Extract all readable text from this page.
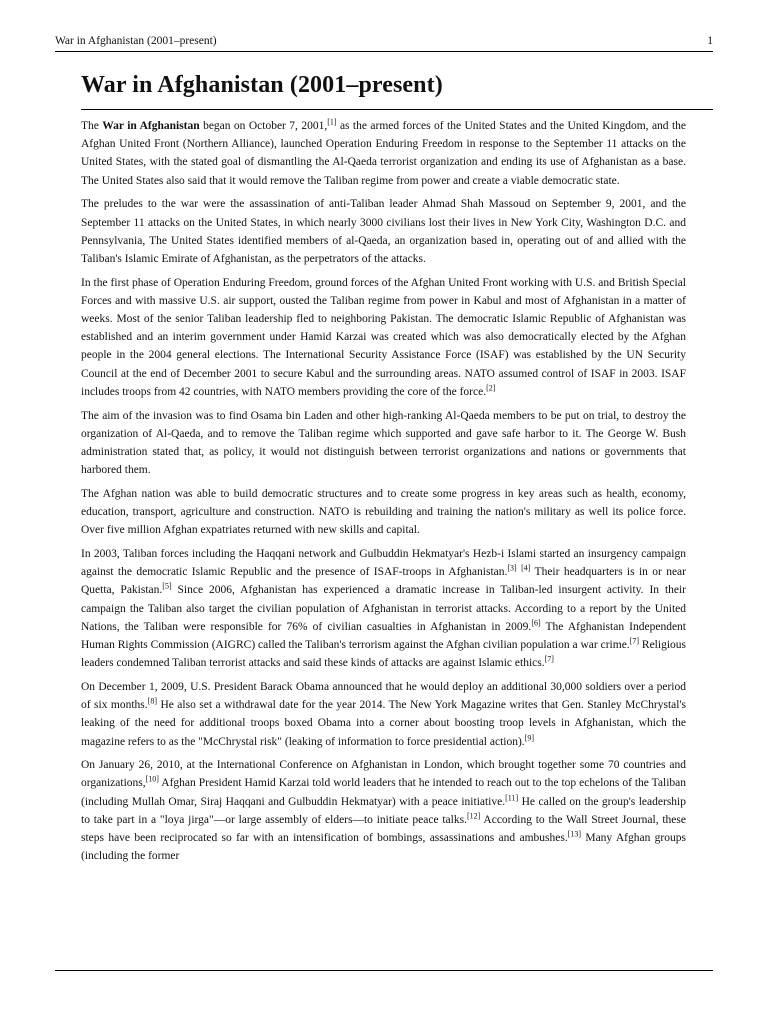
War in Afghanistan (2001–present)	1
War in Afghanistan (2001–present)

The War in Afghanistan began on October 7, 2001,[1] as the armed forces of the United States and the United Kingdom, and the Afghan United Front (Northern Alliance), launched Operation Enduring Freedom in response to the September 11 attacks on the United States, with the stated goal of dismantling the Al-Qaeda terrorist organization and ending its use of Afghanistan as a base. The United States also said that it would remove the Taliban regime from power and create a viable democratic state.

The preludes to the war were the assassination of anti-Taliban leader Ahmad Shah Massoud on September 9, 2001, and the September 11 attacks on the United States, in which nearly 3000 civilians lost their lives in New York City, Washington D.C. and Pennsylvania, The United States identified members of al-Qaeda, an organization based in, operating out of and allied with the Taliban's Islamic Emirate of Afghanistan, as the perpetrators of the attacks.

In the first phase of Operation Enduring Freedom, ground forces of the Afghan United Front working with U.S. and British Special Forces and with massive U.S. air support, ousted the Taliban regime from power in Kabul and most of Afghanistan in a matter of weeks. Most of the senior Taliban leadership fled to neighboring Pakistan. The democratic Islamic Republic of Afghanistan was established and an interim government under Hamid Karzai was created which was also democratically elected by the Afghan people in the 2004 general elections. The International Security Assistance Force (ISAF) was established by the UN Security Council at the end of December 2001 to secure Kabul and the surrounding areas. NATO assumed control of ISAF in 2003. ISAF includes troops from 42 countries, with NATO members providing the core of the force.[2]

The aim of the invasion was to find Osama bin Laden and other high-ranking Al-Qaeda members to be put on trial, to destroy the organization of Al-Qaeda, and to remove the Taliban regime which supported and gave safe harbor to it. The George W. Bush administration stated that, as policy, it would not distinguish between terrorist organizations and nations or governments that harbored them.

The Afghan nation was able to build democratic structures and to create some progress in key areas such as health, economy, education, transport, agriculture and construction. NATO is rebuilding and training the nation's military as well its police force. Over five million Afghan expatriates returned with new skills and capital.

In 2003, Taliban forces including the Haqqani network and Gulbuddin Hekmatyar's Hezb-i Islami started an insurgency campaign against the democratic Islamic Republic and the presence of ISAF-troops in Afghanistan.[3] [4] Their headquarters is in or near Quetta, Pakistan.[5] Since 2006, Afghanistan has experienced a dramatic increase in Taliban-led insurgent activity. In their campaign the Taliban also target the civilian population of Afghanistan in terrorist attacks. According to a report by the United Nations, the Taliban were responsible for 76% of civilian casualties in Afghanistan in 2009.[6] The Afghanistan Independent Human Rights Commission (AIGRC) called the Taliban's terrorism against the Afghan civilian population a war crime.[7] Religious leaders condemned Taliban terrorist attacks and said these kinds of attacks are against Islamic ethics.[7]

On December 1, 2009, U.S. President Barack Obama announced that he would deploy an additional 30,000 soldiers over a period of six months.[8] He also set a withdrawal date for the year 2014. The New York Magazine writes that Gen. Stanley McChrystal's leaking of the need for additional troops boxed Obama into a corner about boosting troop levels in Afghanistan, which the magazine refers to as the "McChrystal risk" (leaking of information to force presidential action).[9]

On January 26, 2010, at the International Conference on Afghanistan in London, which brought together some 70 countries and organizations,[10] Afghan President Hamid Karzai told world leaders that he intended to reach out to the top echelons of the Taliban (including Mullah Omar, Siraj Haqqani and Gulbuddin Hekmatyar) with a peace initiative.[11] He called on the group's leadership to take part in a "loya jirga"—or large assembly of elders—to initiate peace talks.[12] According to the Wall Street Journal, these steps have been reciprocated so far with an intensification of bombings, assassinations and ambushes.[13] Many Afghan groups (including the former
